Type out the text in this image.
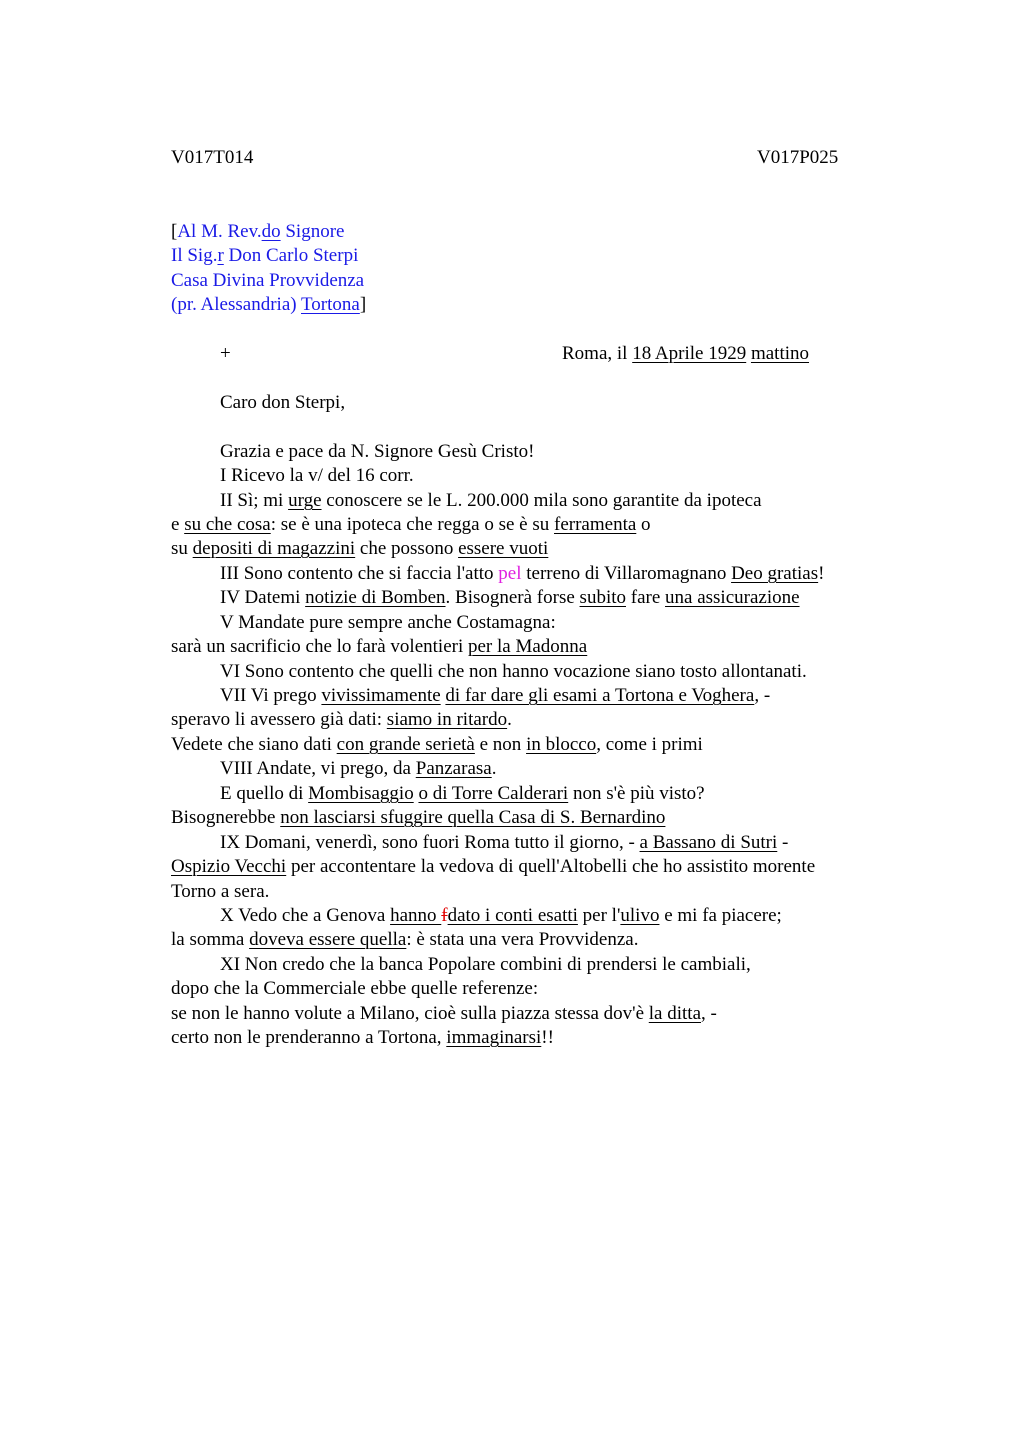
V017T014	V017P025
[Al M. Rev.do Signore
Il Sig.r Don Carlo Sterpi
Casa Divina Provvidenza
(pr. Alessandria) Tortona]
+	Roma, il 18 Aprile 1929 mattino
Caro don Sterpi,
Grazia e pace da N. Signore Gesù Cristo!
I Ricevo la v/ del 16 corr.
II Sì; mi urge conoscere se le L. 200.000 mila sono garantite da ipoteca
e su che cosa: se è una ipoteca che regga o se è su ferramenta o
su depositi di magazzini che possono essere vuoti
III Sono contento che si faccia l'atto pel terreno di Villaromagnano Deo gratias!
IV Datemi notizie di Bomben. Bisognerà forse subito fare una assicurazione
V Mandate pure sempre anche Costamagna:
sarà un sacrificio che lo farà volentieri per la Madonna
VI Sono contento che quelli che non hanno vocazione siano tosto allontanati.
VII Vi prego vivissimamente di far dare gli esami a Tortona e Voghera, -
speravo li avessero già dati: siamo in ritardo.
Vedete che siano dati con grande serietà e non in blocco, come i primi
VIII Andate, vi prego, da Panzarasa.
E quello di Mombisaggio o di Torre Calderari non s'è più visto?
Bisognerebbe non lasciarsi sfuggire quella Casa di S. Bernardino
IX Domani, venerdì, sono fuori Roma tutto il giorno, - a Bassano di Sutri -
Ospizio Vecchi per accontentare la vedova di quell'Altobelli che ho assistito morente
Torno a sera.
X Vedo che a Genova hanno fdato i conti esatti per l'ulivo e mi fa piacere;
la somma doveva essere quella: è stata una vera Provvidenza.
XI Non credo che la banca Popolare combini di prendersi le cambiali,
dopo che la Commerciale ebbe quelle referenze:
se non le hanno volute a Milano, cioè sulla piazza stessa dov'è la ditta, -
certo non le prenderanno a Tortona, immaginarsi!!
